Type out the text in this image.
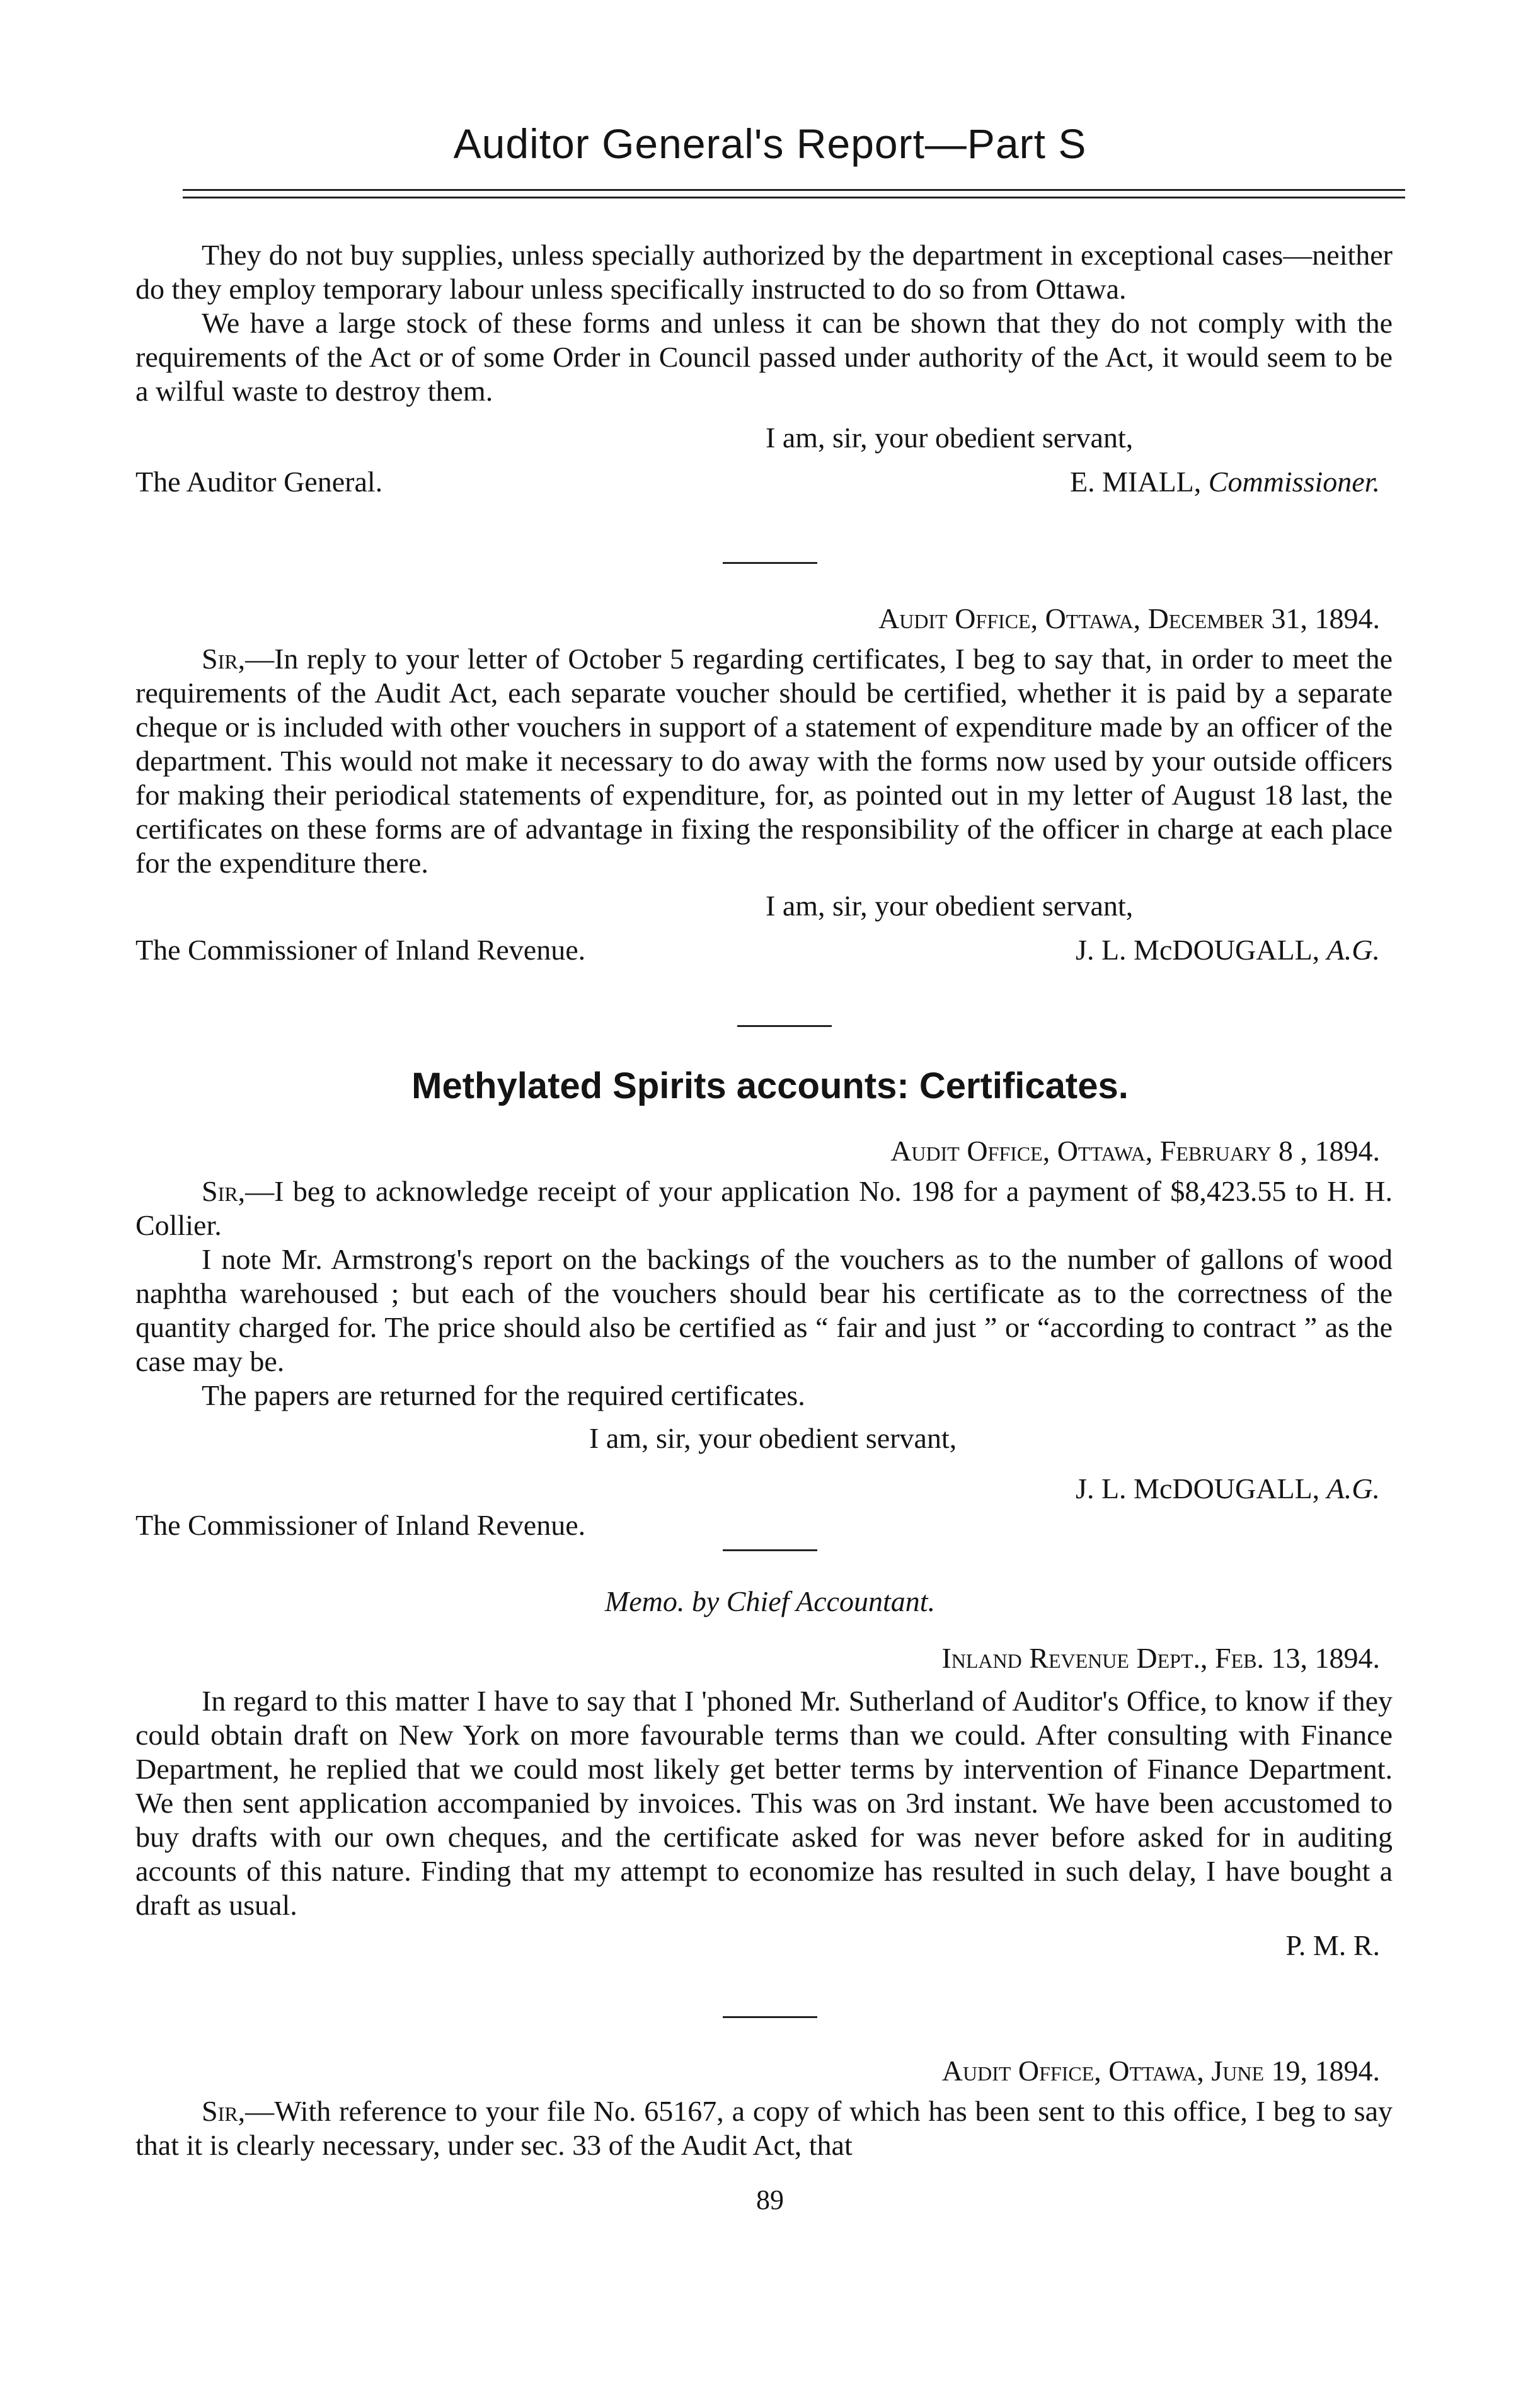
Auditor General's Report—Part S

They do not buy supplies, unless specially authorized by the department in exceptional cases—neither do they employ temporary labour unless specifically instructed to do so from Ottawa.

We have a large stock of these forms and unless it can be shown that they do not comply with the requirements of the Act or of some Order in Council passed under authority of the Act, it would seem to be a wilful waste to destroy them.

I am, sir, your obedient servant,

The Auditor General.	E. MIALL, Commissioner.

Audit Office, Ottawa, December 31, 1894.

Sir,—In reply to your letter of October 5 regarding certificates, I beg to say that, in order to meet the requirements of the Audit Act, each separate voucher should be certified, whether it is paid by a separate cheque or is included with other vouchers in support of a statement of expenditure made by an officer of the department. This would not make it necessary to do away with the forms now used by your outside officers for making their periodical statements of expenditure, for, as pointed out in my letter of August 18 last, the certificates on these forms are of advantage in fixing the responsibility of the officer in charge at each place for the expenditure there.

I am, sir, your obedient servant,

The Commissioner of Inland Revenue.	J. L. McDOUGALL, A.G.
Methylated Spirits accounts: Certificates.

Audit Office, Ottawa, February 8 , 1894.

Sir,—I beg to acknowledge receipt of your application No. 198 for a payment of $8,423.55 to H. H. Collier.

I note Mr. Armstrong's report on the backings of the vouchers as to the number of gallons of wood naphtha warehoused ; but each of the vouchers should bear his certificate as to the correctness of the quantity charged for. The price should also be certified as “ fair and just ” or “according to contract ” as the case may be.

The papers are returned for the required certificates.

I am, sir, your obedient servant,

J. L. McDOUGALL, A.G.

The Commissioner of Inland Revenue.

Memo. by Chief Accountant.

Inland Revenue Dept., Feb. 13, 1894.

In regard to this matter I have to say that I 'phoned Mr. Sutherland of Auditor's Office, to know if they could obtain draft on New York on more favourable terms than we could. After consulting with Finance Department, he replied that we could most likely get better terms by intervention of Finance Department. We then sent application accompanied by invoices. This was on 3rd instant. We have been accustomed to buy drafts with our own cheques, and the certificate asked for was never before asked for in auditing accounts of this nature. Finding that my attempt to economize has resulted in such delay, I have bought a draft as usual.

P. M. R.

Audit Office, Ottawa, June 19, 1894.

Sir,—With reference to your file No. 65167, a copy of which has been sent to this office, I beg to say that it is clearly necessary, under sec. 33 of the Audit Act, that

89
